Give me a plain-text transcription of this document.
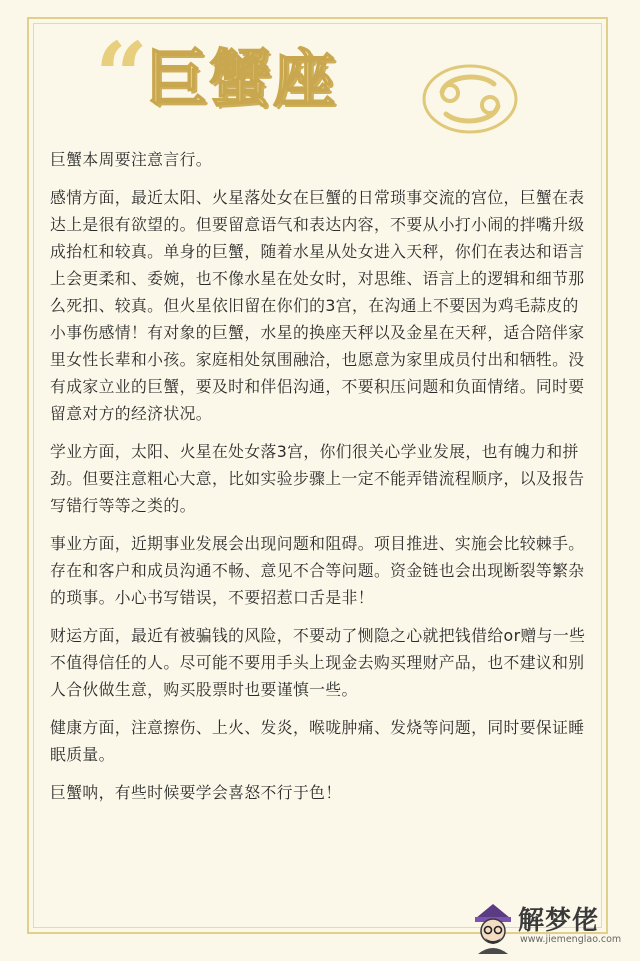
“
巨蟹座

巨蟹本周要注意言行。

感情方面，最近太阳、火星落处女在巨蟹的日常琐事交流的宫位，巨蟹在表达上是很有欲望的。但要留意语气和表达内容，不要从小打小闹的拌嘴升级成抬杠和较真。单身的巨蟹，随着水星从处女进入天秤，你们在表达和语言上会更柔和、委婉，也不像水星在处女时，对思维、语言上的逻辑和细节那么死扣、较真。但火星依旧留在你们的3宫，在沟通上不要因为鸡毛蒜皮的小事伤感情！有对象的巨蟹，水星的换座天秤以及金星在天秤，适合陪伴家里女性长辈和小孩。家庭相处氛围融洽，也愿意为家里成员付出和牺牲。没有成家立业的巨蟹，要及时和伴侣沟通，不要积压问题和负面情绪。同时要留意对方的经济状况。

学业方面，太阳、火星在处女落3宫，你们很关心学业发展，也有魄力和拼劲。但要注意粗心大意，比如实验步骤上一定不能弄错流程顺序，以及报告写错行等等之类的。

事业方面，近期事业发展会出现问题和阻碍。项目推进、实施会比较棘手。存在和客户和成员沟通不畅、意见不合等问题。资金链也会出现断裂等繁杂的琐事。小心书写错误，不要招惹口舌是非！

财运方面，最近有被骗钱的风险，不要动了恻隐之心就把钱借给or赠与一些不值得信任的人。尽可能不要用手头上现金去购买理财产品，也不建议和别人合伙做生意，购买股票时也要谨慎一些。

健康方面，注意擦伤、上火、发炎，喉咙肿痛、发烧等问题，同时要保证睡眠质量。

巨蟹呐，有些时候要学会喜怒不行于色！

解梦佬
www.jiemenglao.com
